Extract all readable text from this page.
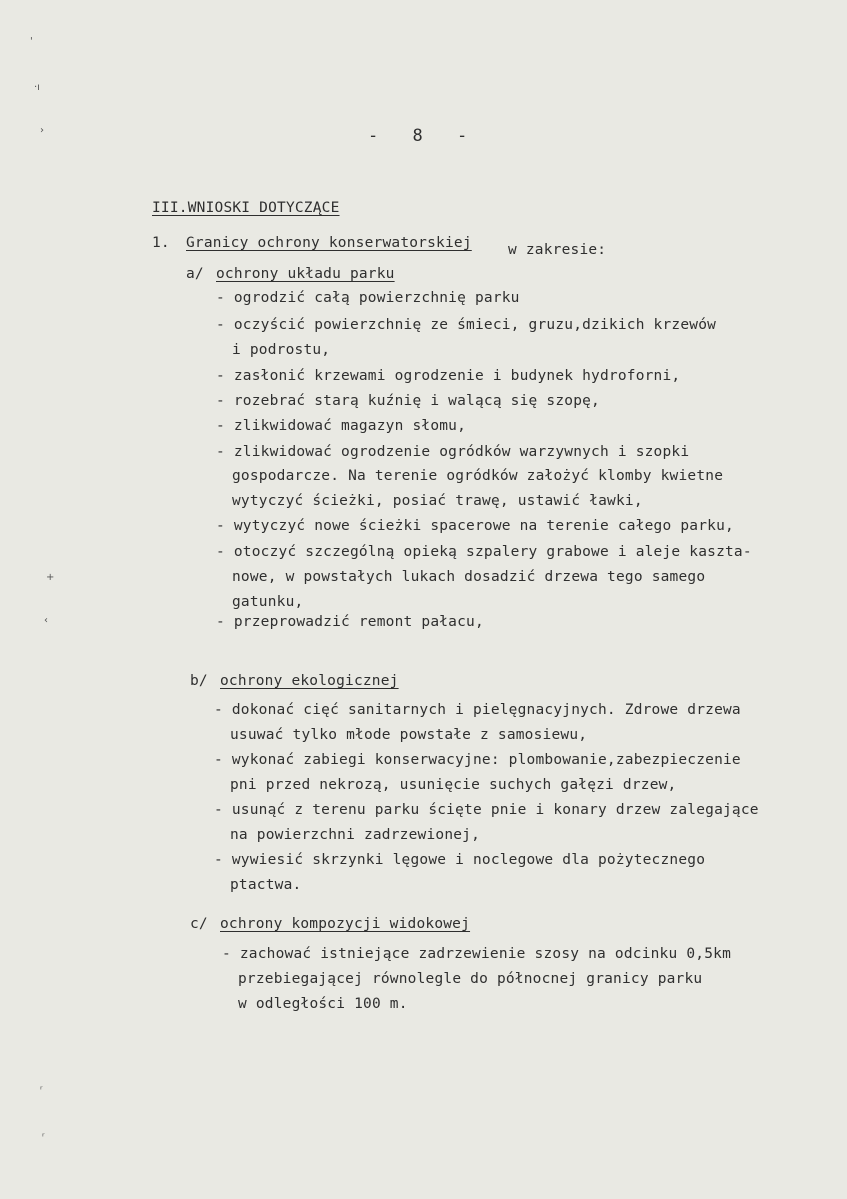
'
·ı
›
+
‹
ʳ
ʳ
- 8 -
III.WNIOSKI DOTYCZĄCE
1. Granicy ochrony konserwatorskiej w zakresie:
a/ ochrony układu parku
- ogrodzić całą powierzchnię parku
- oczyścić powierzchnię ze śmieci, gruzu,dzikich krzewów
i podrostu,
- zasłonić krzewami ogrodzenie i budynek hydroforni,
- rozebrać starą kuźnię i walącą się szopę,
- zlikwidować magazyn słomu,
- zlikwidować ogrodzenie ogródków warzywnych i szopki
gospodarcze. Na terenie ogródków założyć klomby kwietne
wytyczyć ścieżki, posiać trawę, ustawić ławki,
- wytyczyć nowe ścieżki spacerowe na terenie całego parku,
- otoczyć szczególną opieką szpalery grabowe i aleje kaszta-
nowe, w powstałych lukach dosadzić drzewa tego samego
gatunku,
- przeprowadzić remont pałacu,
b/ ochrony ekologicznej
- dokonać cięć sanitarnych i pielęgnacyjnych. Zdrowe drzewa
usuwać tylko młode powstałe z samosiewu,
- wykonać zabiegi konserwacyjne: plombowanie,zabezpieczenie
pni przed nekrozą, usunięcie suchych gałęzi drzew,
- usunąć z terenu parku ścięte pnie i konary drzew zalegające
na powierzchni zadrzewionej,
- wywiesić skrzynki lęgowe i noclegowe dla pożytecznego
ptactwa.
c/ ochrony kompozycji widokowej
- zachować istniejące zadrzewienie szosy na odcinku 0,5km
przebiegającej równolegle do północnej granicy parku
w odległości 100 m.
